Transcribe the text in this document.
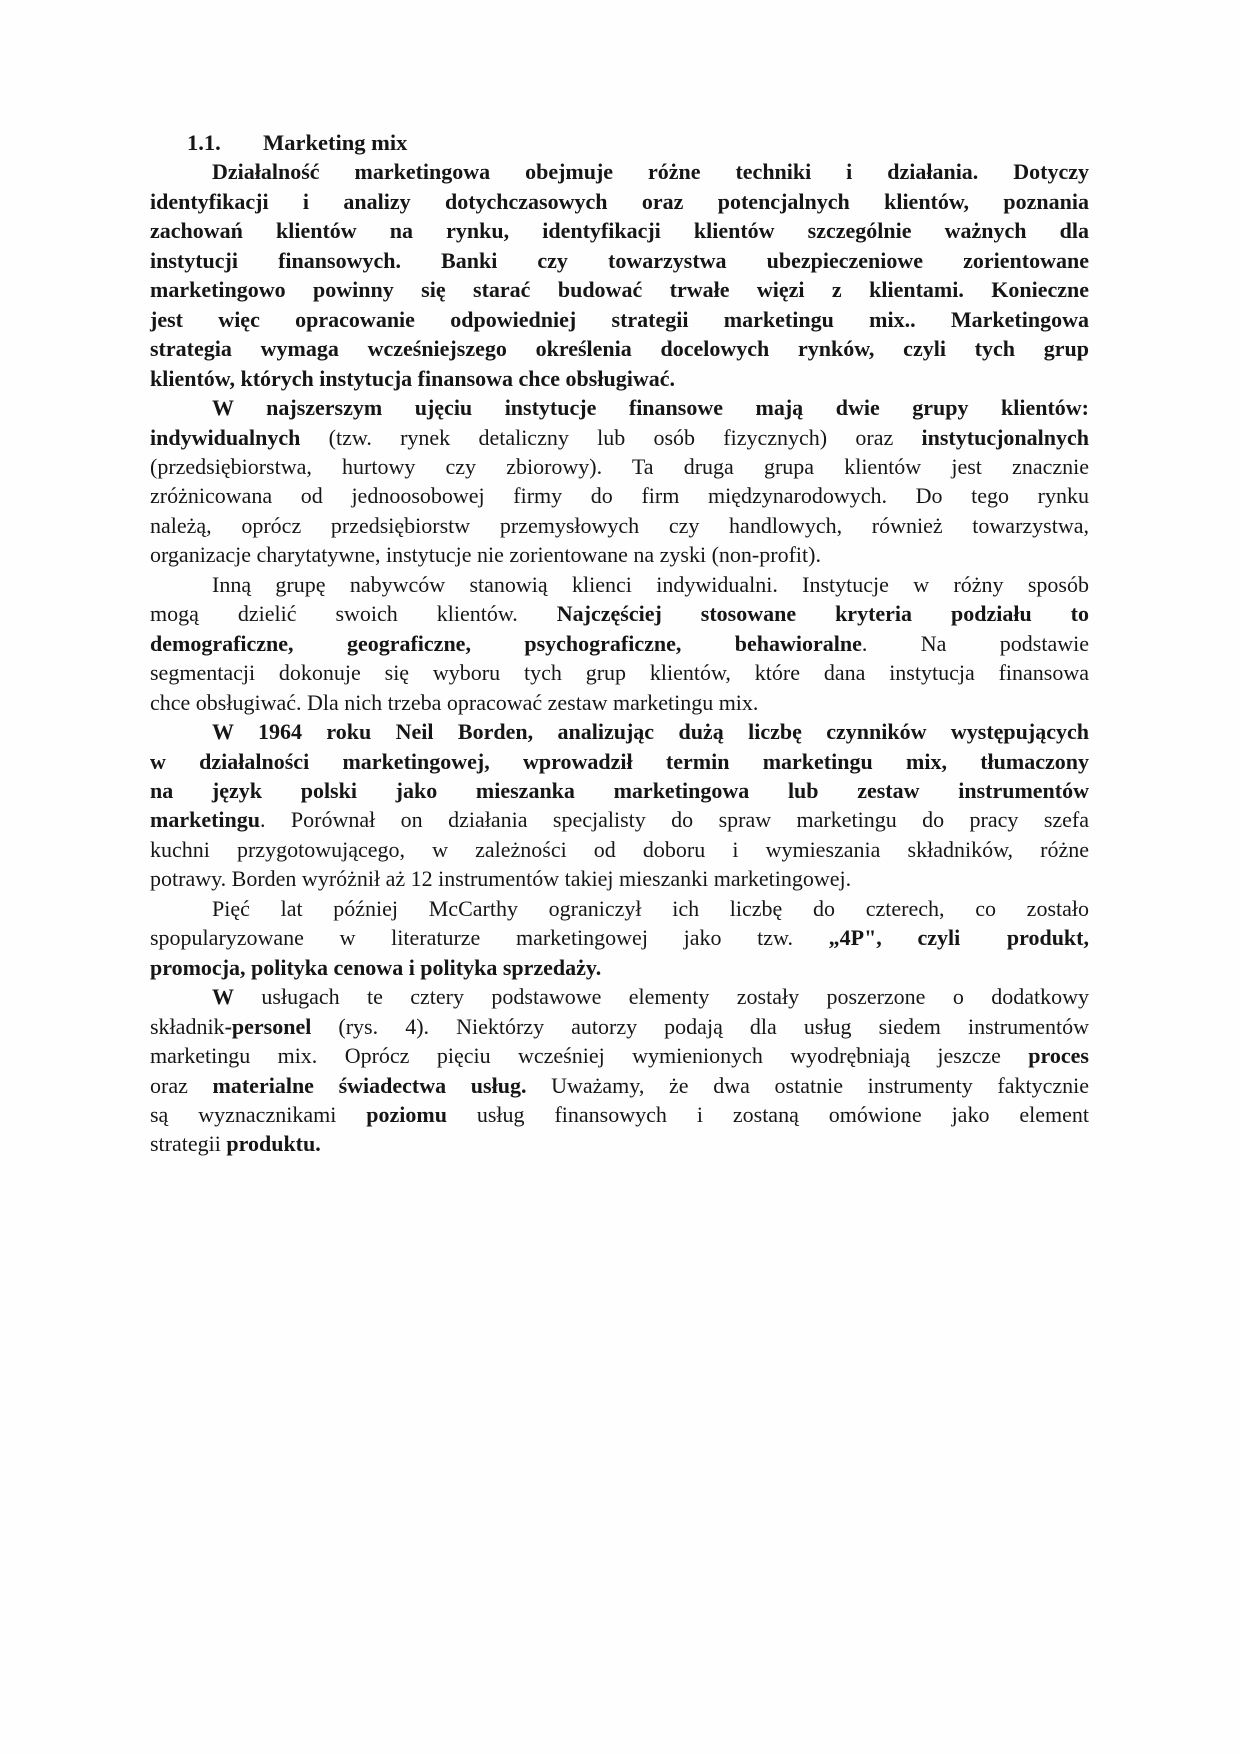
1.1. Marketing mix

Działalność marketingowa obejmuje różne techniki i działania. Dotyczy
identyfikacji i analizy dotychczasowych oraz potencjalnych klientów, poznania
zachowań klientów na rynku, identyfikacji klientów szczególnie ważnych dla
instytucji finansowych. Banki czy towarzystwa ubezpieczeniowe zorientowane
marketingowo powinny się starać budować trwałe więzi z klientami. Konieczne
jest więc opracowanie odpowiedniej strategii marketingu mix.. Marketingowa
strategia wymaga wcześniejszego określenia docelowych rynków, czyli tych grup
klientów, których instytucja finansowa chce obsługiwać.

W najszerszym ujęciu instytucje finansowe mają dwie grupy klientów:
indywidualnych (tzw. rynek detaliczny lub osób fizycznych) oraz instytucjonalnych
(przedsiębiorstwa, hurtowy czy zbiorowy). Ta druga grupa klientów jest znacznie
zróżnicowana od jednoosobowej firmy do firm międzynarodowych. Do tego rynku
należą, oprócz przedsiębiorstw przemysłowych czy handlowych, również towarzystwa,
organizacje charytatywne, instytucje nie zorientowane na zyski (non-profit).

Inną grupę nabywców stanowią klienci indywidualni. Instytucje w różny sposób
mogą dzielić swoich klientów. Najczęściej stosowane kryteria podziału to
demograficzne, geograficzne, psychograficzne, behawioralne. Na podstawie
segmentacji dokonuje się wyboru tych grup klientów, które dana instytucja finansowa
chce obsługiwać. Dla nich trzeba opracować zestaw marketingu mix.

W 1964 roku Neil Borden, analizując dużą liczbę czynników występujących
w działalności marketingowej, wprowadził termin marketingu mix, tłumaczony
na język polski jako mieszanka marketingowa lub zestaw instrumentów
marketingu. Porównał on działania specjalisty do spraw marketingu do pracy szefa
kuchni przygotowującego, w zależności od doboru i wymieszania składników, różne
potrawy. Borden wyróżnił aż 12 instrumentów takiej mieszanki marketingowej.

Pięć lat później McCarthy ograniczył ich liczbę do czterech, co zostało
spopularyzowane w literaturze marketingowej jako tzw. „4P", czyli  produkt,
promocja, polityka cenowa i polityka sprzedaży.

W usługach te cztery podstawowe elementy zostały poszerzone o dodatkowy
składnik-personel (rys. 4). Niektórzy autorzy podają dla usług siedem instrumentów
marketingu mix. Oprócz pięciu wcześniej wymienionych wyodrębniają jeszcze proces
oraz materialne świadectwa usług. Uważamy, że dwa ostatnie instrumenty faktycznie
są wyznacznikami poziomu usług finansowych i zostaną omówione jako element
strategii produktu.
